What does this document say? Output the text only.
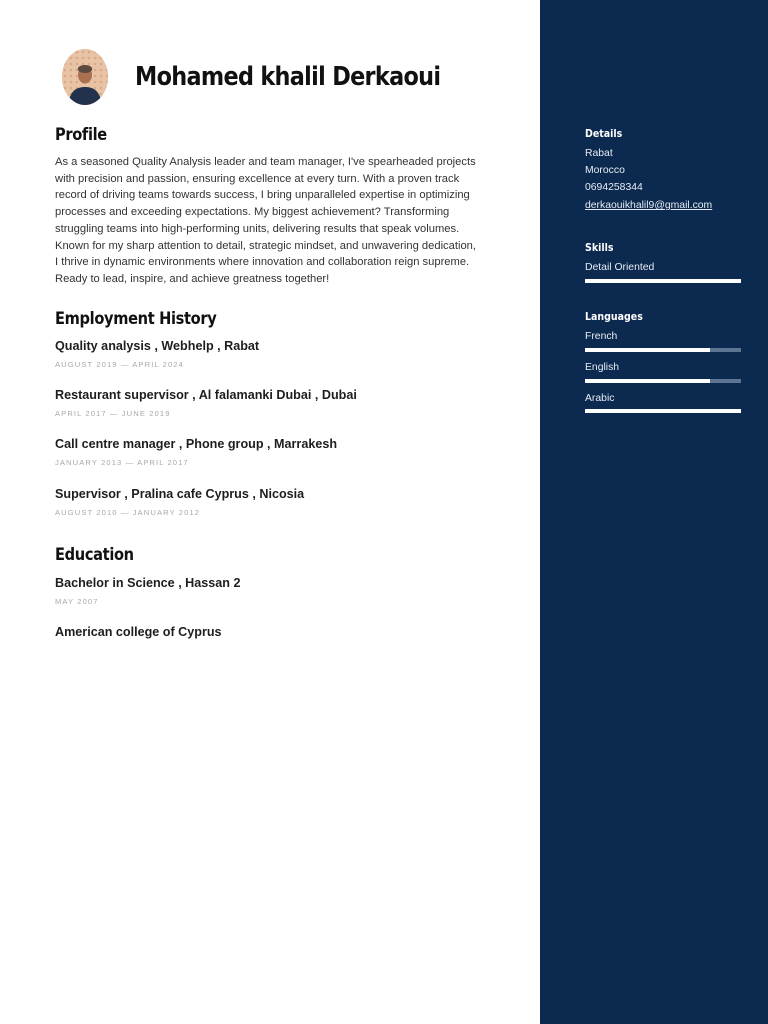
Mohamed khalil Derkaoui
Profile
As a seasoned Quality Analysis leader and team manager, I've spearheaded projects
with precision and passion, ensuring excellence at every turn. With a proven track
record of driving teams towards success, I bring unparalleled expertise in optimizing
processes and exceeding expectations. My biggest achievement? Transforming
struggling teams into high-performing units, delivering results that speak volumes.
Known for my sharp attention to detail, strategic mindset, and unwavering dedication,
I thrive in dynamic environments where innovation and collaboration reign supreme.
Ready to lead, inspire, and achieve greatness together!
Employment History
Quality analysis , Webhelp , Rabat
AUGUST 2019 — APRIL 2024
Restaurant supervisor , Al falamanki Dubai , Dubai
APRIL 2017 — JUNE 2019
Call centre manager , Phone group , Marrakesh
JANUARY 2013 — APRIL 2017
Supervisor , Pralina cafe Cyprus , Nicosia
AUGUST 2010 — JANUARY 2012
Education
Bachelor in Science , Hassan 2
MAY 2007
American college of Cyprus
Details
Rabat
Morocco
0694258344
derkaouikhalil9@gmail.com
Skills
Detail Oriented
Languages
French
English
Arabic
